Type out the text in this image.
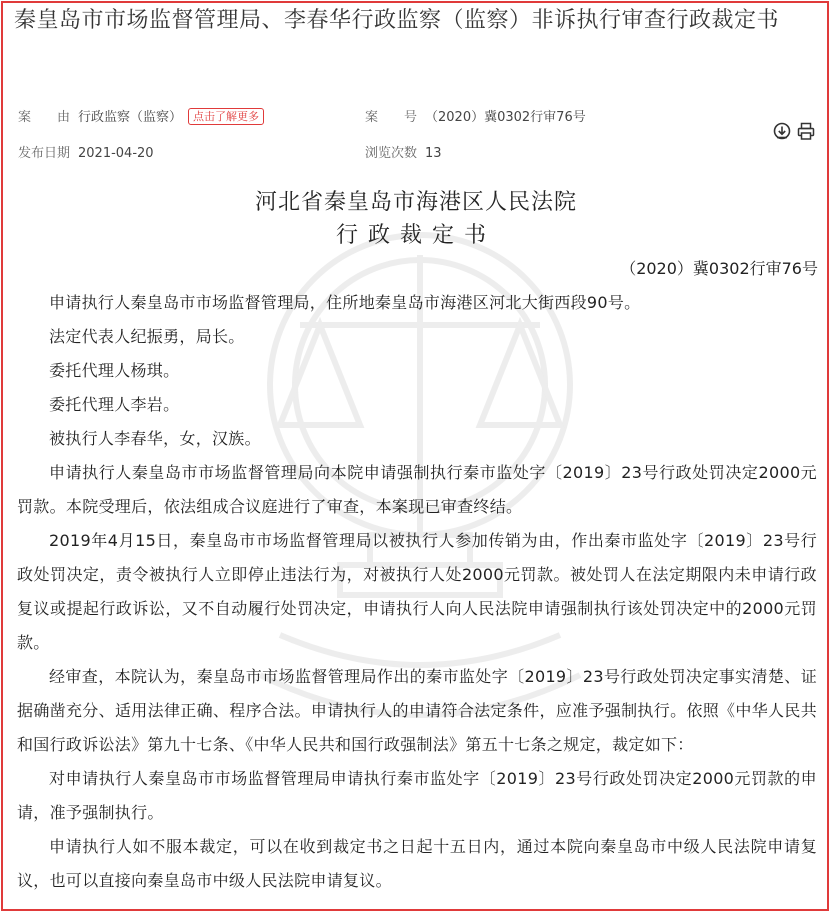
秦皇岛市市场监督管理局、李春华行政监察（监察）非诉执行审查行政裁定书
案　　由 行政监察（监察） 点击了解更多	案　　号 （2020）冀0302行审76号
发布日期 2021-04-20	浏览次数 13
河北省秦皇岛市海港区人民法院
行政裁定书
（2020）冀0302行审76号

申请执行人秦皇岛市市场监督管理局，住所地秦皇岛市海港区河北大街西段90号。

法定代表人纪振勇，局长。

委托代理人杨琪。

委托代理人李岩。

被执行人李春华，女，汉族。

申请执行人秦皇岛市市场监督管理局向本院申请强制执行秦市监处字〔2019〕23号行政处罚决定2000元罚款。本院受理后，依法组成合议庭进行了审查，本案现已审查终结。

2019年4月15日，秦皇岛市市场监督管理局以被执行人参加传销为由，作出秦市监处字〔2019〕23号行政处罚决定，责令被执行人立即停止违法行为，对被执行人处2000元罚款。被处罚人在法定期限内未申请行政复议或提起行政诉讼，又不自动履行处罚决定，申请执行人向人民法院申请强制执行该处罚决定中的2000元罚款。

经审查，本院认为，秦皇岛市市场监督管理局作出的秦市监处字〔2019〕23号行政处罚决定事实清楚、证据确凿充分、适用法律正确、程序合法。申请执行人的申请符合法定条件，应准予强制执行。依照《中华人民共和国行政诉讼法》第九十七条、《中华人民共和国行政强制法》第五十七条之规定，裁定如下：

对申请执行人秦皇岛市市场监督管理局申请执行秦市监处字〔2019〕23号行政处罚决定2000元罚款的申请，准予强制执行。

申请执行人如不服本裁定，可以在收到裁定书之日起十五日内，通过本院向秦皇岛市中级人民法院申请复议，也可以直接向秦皇岛市中级人民法院申请复议。
